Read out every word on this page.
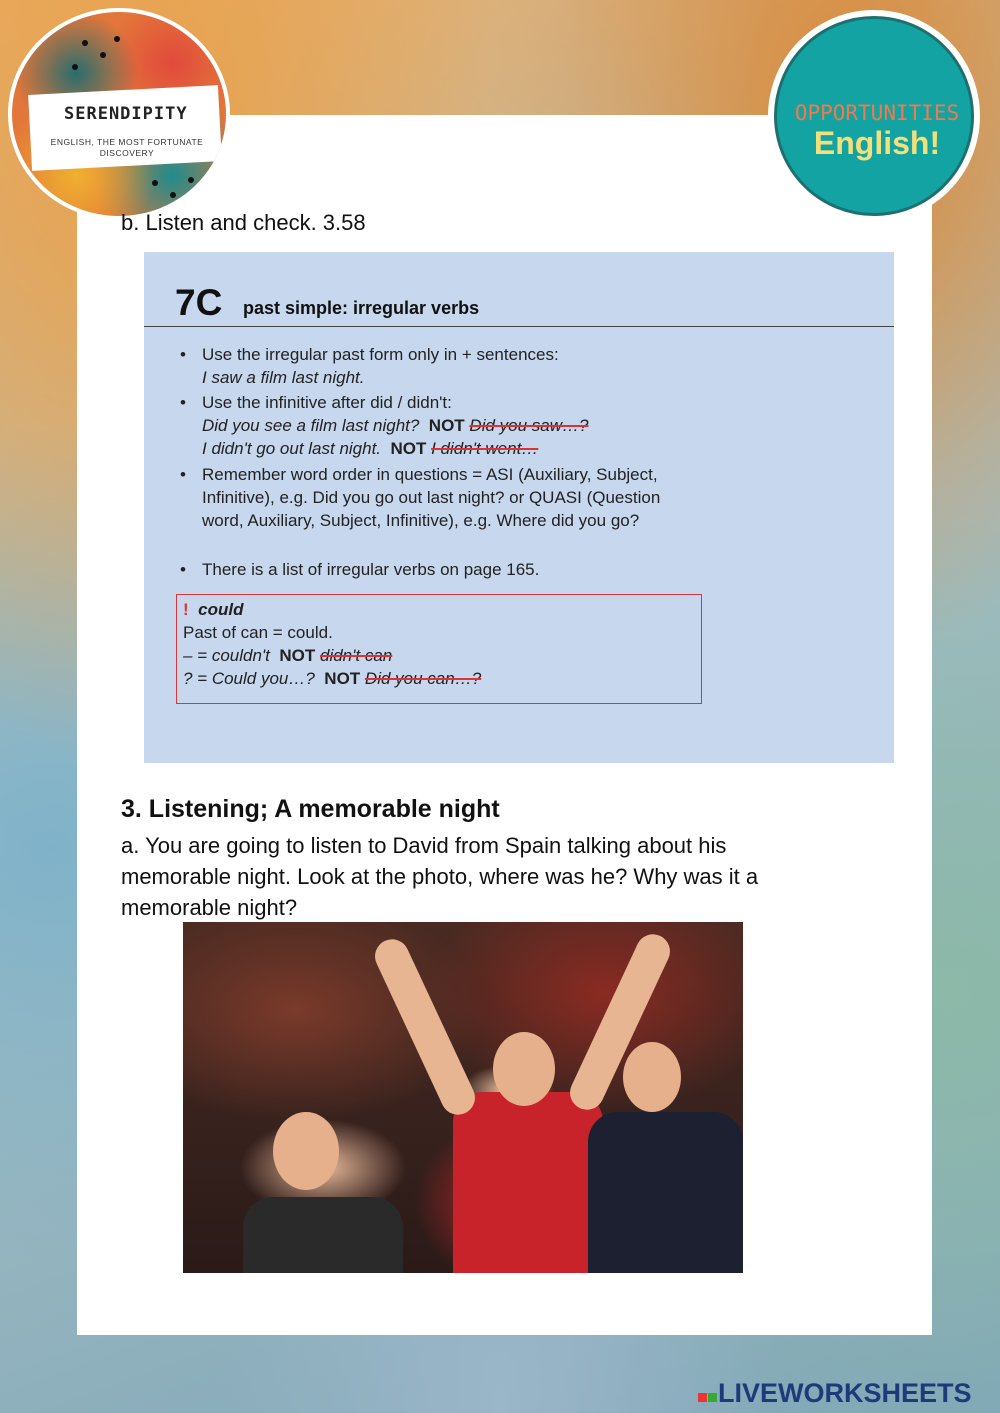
SERENDIPITY
ENGLISH, THE MOST FORTUNATE DISCOVERY
OPPORTUNITIES
English!
b. Listen and check. 3.58
7C past simple: irregular verbs
• Use the irregular past form only in + sentences:
I saw a film last night.
• Use the infinitive after did / didn't:
Did you see a film last night? NOT Did you saw…?
I didn't go out last night. NOT I didn't went…
• Remember word order in questions = ASI (Auxiliary, Subject,
Infinitive), e.g. Did you go out last night? or QUASI (Question
word, Auxiliary, Subject, Infinitive), e.g. Where did you go?
• There is a list of irregular verbs on page 165.
! could
Past of can = could.
– = couldn't NOT didn't can
? = Could you…? NOT Did you can…?
3. Listening; A memorable night
a. You are going to listen to David from Spain talking about his
memorable night. Look at the photo, where was he? Why was it a
memorable night?
LIVEWORKSHEETS
